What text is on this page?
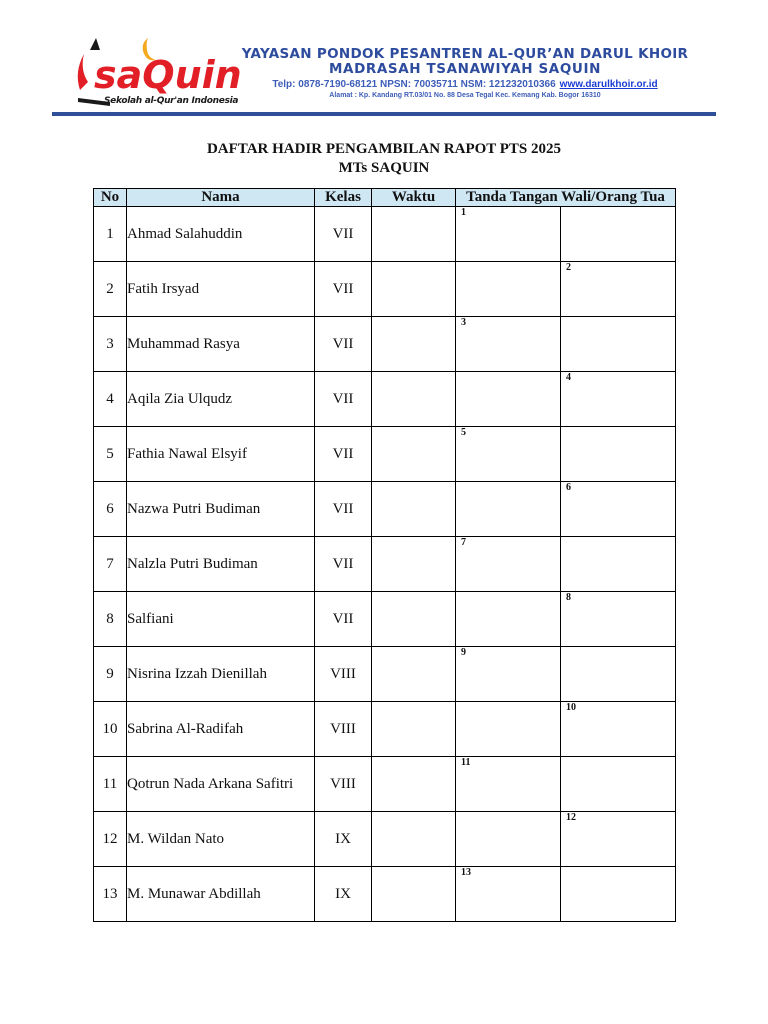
saQuin
Sekolah al-Qur'an Indonesia
YAYASAN PONDOK PESANTREN AL-QUR’AN DARUL KHOIR
MADRASAH TSANAWIYAH SAQUIN
Telp: 0878-7190-68121 NPSN: 70035711 NSM: 121232010366 www.darulkhoir.or.id
Alamat : Kp. Kandang RT.03/01 No. 88 Desa Tegal Kec. Kemang Kab. Bogor 16310
DAFTAR HADIR PENGAMBILAN RAPOT PTS 2025
MTs SAQUIN
No	Nama	Kelas	Waktu	Tanda Tangan Wali/Orang Tua	
1	Ahmad Salahuddin	VII		1	

2	Fatih Irsyad	VII			2

3	Muhammad Rasya	VII		3	

4	Aqila Zia Ulqudz	VII			4

5	Fathia Nawal Elsyif	VII		5	

6	Nazwa Putri Budiman	VII			6

7	Nalzla Putri Budiman	VII		7	

8	Salfiani	VII			8

9	Nisrina Izzah Dienillah	VIII		9	

10	Sabrina Al-Radifah	VIII			10

11	Qotrun Nada Arkana Safitri	VIII		11	

12	M. Wildan Nato	IX			12

13	M. Munawar Abdillah	IX		13	
